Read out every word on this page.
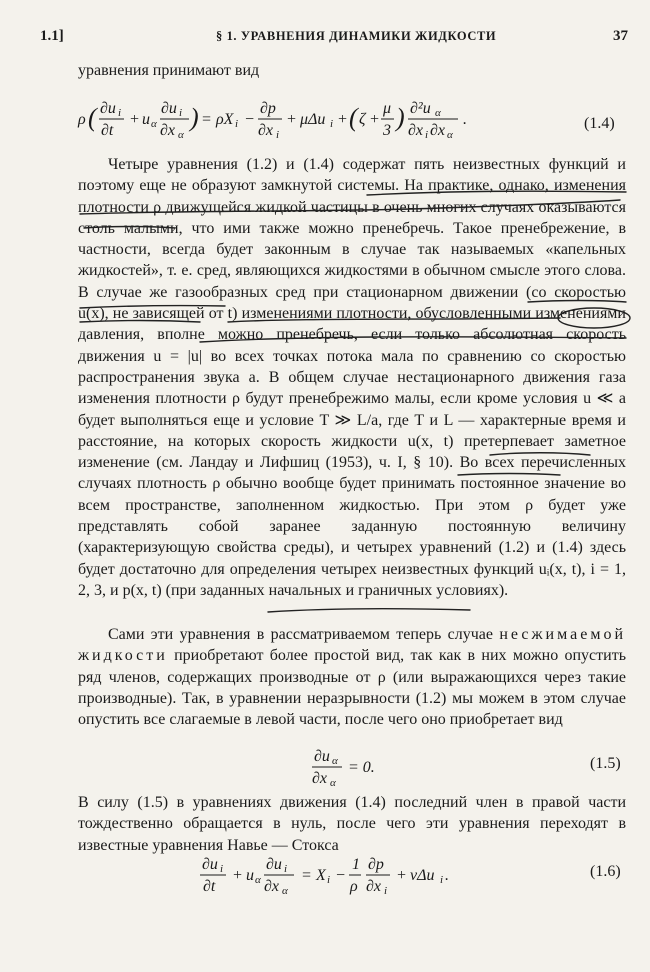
1.1]	§ 1. УРАВНЕНИЯ ДИНАМИКИ ЖИДКОСТИ	37
уравнения принимают вид
ρ ( ∂u i
∂t
+ u α
∂u i
∂x α
) = ρX i −
∂p
∂x i
+ μΔu i + ( ζ +
μ
3 ) ∂²u α
∂x i ∂x α
.	(1.4)

Четыре уравнения (1.2) и (1.4) содержат пять неизвестных функций и поэтому еще не образуют замкнутой системы. На практике, однако, изменения плотности ρ движущейся жидкой частицы в очень многих случаях оказываются столь малыми, что ими также можно пренебречь. Такое пренебрежение, в частности, всегда будет законным в случае так называемых «капельных жидкостей», т. е. сред, являющихся жидкостями в обычном смысле этого слова. В случае же газообразных сред при стационарном движении (со скоростью u(x), не зависящей от t) изменениями плотности, обусловленными изменениями давления, вполне можно пренебречь, если только абсолютная скорость движения u = |u| во всех точках потока мала по сравнению со скоростью распространения звука a. В общем случае нестационарного движения газа изменения плотности ρ будут пренебрежимо малы, если кроме условия u ≪ a будет выполняться еще и условие T ≫ L/a, где T и L — характерные время и расстояние, на которых скорость жидкости u(x, t) претерпевает заметное изменение (см. Ландау и Лифшиц (1953), ч. I, § 10). Во всех перечисленных случаях плотность ρ обычно вообще будет принимать постоянное значение во всем пространстве, заполненном жидкостью. При этом ρ будет уже представлять собой заранее заданную постоянную величину (характеризующую свойства среды), и четырех уравнений (1.2) и (1.4) здесь будет достаточно для определения четырех неизвестных функций uᵢ(x, t), i = 1, 2, 3, и p(x, t) (при заданных начальных и граничных условиях).

Сами эти уравнения в рассматриваемом теперь случае несжимаемой жидкости приобретают более простой вид, так как в них можно опустить ряд членов, содержащих производные от ρ (или выражающихся через такие производные). Так, в уравнении неразрывности (1.2) мы можем в этом случае опустить все слагаемые в левой части, после чего оно приобретает вид

∂u α
∂x α
= 0.	(1.5)

В силу (1.5) в уравнениях движения (1.4) последний член в правой части тождественно обращается в нуль, после чего эти уравнения переходят в известные уравнения Навье — Стокса

∂u i
∂t
+ u α
∂u i
∂x α
= X i −
1
ρ
∂p
∂x i
+ νΔu i .	(1.6)
